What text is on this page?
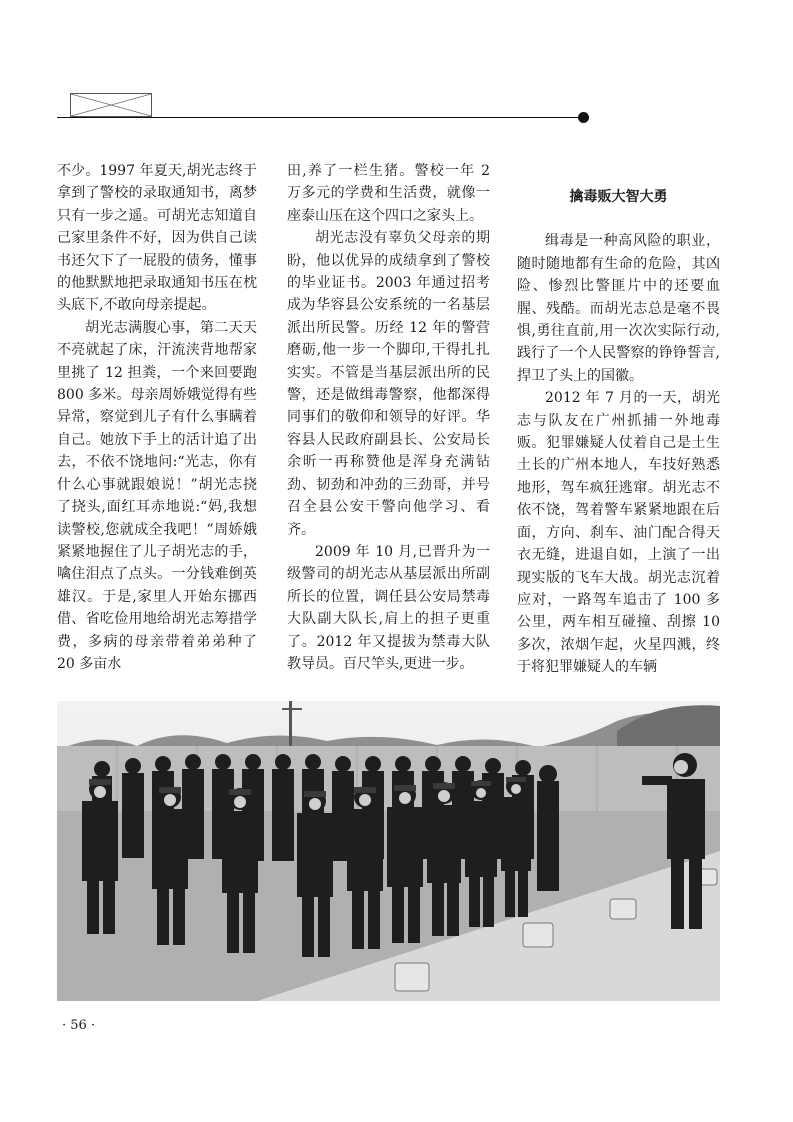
不少。1997 年夏天,胡光志终于拿到了警校的录取通知书，离梦只有一步之遥。可胡光志知道自己家里条件不好，因为供自己读书还欠下了一屁股的债务，懂事的他默默地把录取通知书压在枕头底下,不敢向母亲提起。

胡光志满腹心事，第二天天不亮就起了床，汗流浃背地帮家里挑了 12 担粪，一个来回要跑 800 多米。母亲周娇娥觉得有些异常，察觉到儿子有什么事瞒着自己。她放下手上的活计追了出去，不依不饶地问:“光志，你有什么心事就跟娘说！”胡光志挠了挠头,面红耳赤地说:“妈,我想读警校,您就成全我吧！”周娇娥紧紧地握住了儿子胡光志的手，噙住泪点了点头。一分钱难倒英雄汉。于是,家里人开始东挪西借、省吃俭用地给胡光志筹措学费，多病的母亲带着弟弟种了 20 多亩水

田,养了一栏生猪。警校一年 2 万多元的学费和生活费，就像一座泰山压在这个四口之家头上。

胡光志没有辜负父母亲的期盼，他以优异的成绩拿到了警校的毕业证书。2003 年通过招考成为华容县公安系统的一名基层派出所民警。历经 12 年的警营磨砺,他一步一个脚印,干得扎扎实实。不管是当基层派出所的民警，还是做缉毒警察，他都深得同事们的敬仰和领导的好评。华容县人民政府副县长、公安局长余昕一再称赞他是浑身充满钻劲、韧劲和冲劲的三劲哥，并号召全县公安干警向他学习、看齐。

2009 年 10 月,已晋升为一级警司的胡光志从基层派出所副所长的位置，调任县公安局禁毒大队副大队长,肩上的担子更重了。2012 年又提拔为禁毒大队教导员。百尺竿头,更进一步。

擒毒贩大智大勇

缉毒是一种高风险的职业，随时随地都有生命的危险，其凶险、惨烈比警匪片中的还要血腥、残酷。而胡光志总是毫不畏惧,勇往直前,用一次次实际行动,践行了一个人民警察的铮铮誓言,捍卫了头上的国徽。

2012 年 7 月的一天，胡光志与队友在广州抓捕一外地毒贩。犯罪嫌疑人仗着自己是土生土长的广州本地人，车技好熟悉地形，驾车疯狂逃窜。胡光志不依不饶，驾着警车紧紧地跟在后面，方向、刹车、油门配合得天衣无缝，进退自如，上演了一出现实版的飞车大战。胡光志沉着应对，一路驾车追击了 100 多公里，两车相互碰撞、刮擦 10 多次，浓烟乍起，火星四溅，终于将犯罪嫌疑人的车辆

· 56 ·
